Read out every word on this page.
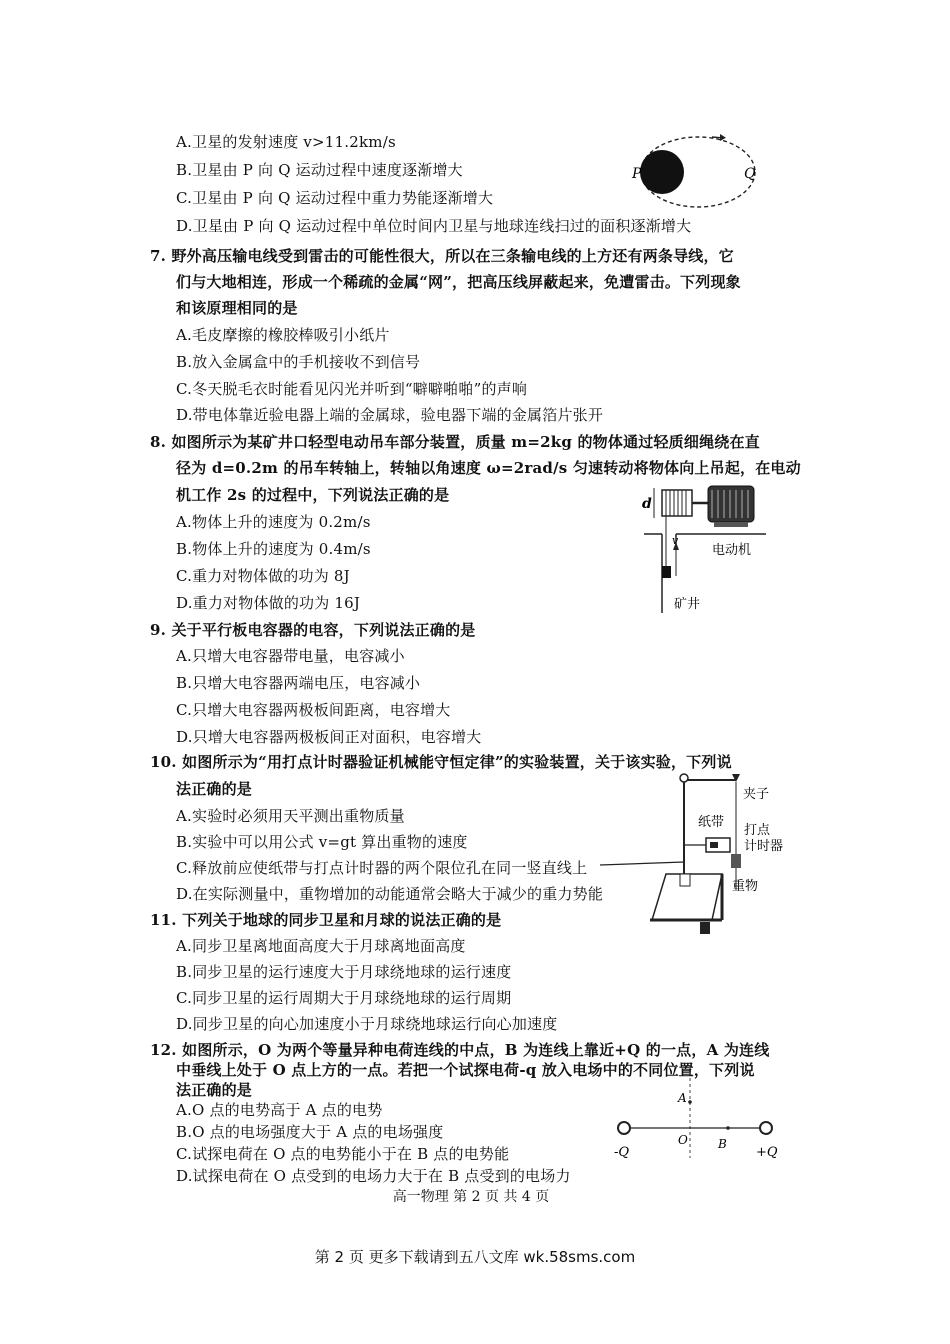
A.卫星的发射速度 v>11.2km/s
B.卫星由 P 向 Q 运动过程中速度逐渐增大
C.卫星由 P 向 Q 运动过程中重力势能逐渐增大
D.卫星由 P 向 Q 运动过程中单位时间内卫星与地球连线扫过的面积逐渐增大
P	Q
7. 野外高压输电线受到雷击的可能性很大，所以在三条输电线的上方还有两条导线，它
们与大地相连，形成一个稀疏的金属“网”，把高压线屏蔽起来，免遭雷击。下列现象
和该原理相同的是
A.毛皮摩擦的橡胶棒吸引小纸片
B.放入金属盒中的手机接收不到信号
C.冬天脱毛衣时能看见闪光并听到“噼噼啪啪”的声响
D.带电体靠近验电器上端的金属球，验电器下端的金属箔片张开
8. 如图所示为某矿井口轻型电动吊车部分装置，质量 m=2kg 的物体通过轻质细绳绕在直
径为 d=0.2m 的吊车转轴上，转轴以角速度 ω=2rad/s 匀速转动将物体向上吊起，在电动
机工作 2s 的过程中，下列说法正确的是
A.物体上升的速度为 0.2m/s
B.物体上升的速度为 0.4m/s
C.重力对物体做的功为 8J
D.重力对物体做的功为 16J
d
v
电动机
矿井
9. 关于平行板电容器的电容，下列说法正确的是
A.只增大电容器带电量，电容减小
B.只增大电容器两端电压，电容减小
C.只增大电容器两极板间距离，电容增大
D.只增大电容器两极板间正对面积，电容增大
10. 如图所示为“用打点计时器验证机械能守恒定律”的实验装置，关于该实验，下列说
法正确的是
A.实验时必须用天平测出重物质量
B.实验中可以用公式 v=gt 算出重物的速度
C.释放前应使纸带与打点计时器的两个限位孔在同一竖直线上
D.在实际测量中，重物增加的动能通常会略大于减少的重力势能
夹子
纸带
打点
计时器
重物
11. 下列关于地球的同步卫星和月球的说法正确的是
A.同步卫星离地面高度大于月球离地面高度
B.同步卫星的运行速度大于月球绕地球的运行速度
C.同步卫星的运行周期大于月球绕地球的运行周期
D.同步卫星的向心加速度小于月球绕地球运行向心加速度
12. 如图所示，O 为两个等量异种电荷连线的中点，B 为连线上靠近+Q 的一点，A 为连线
中垂线上处于 O 点上方的一点。若把一个试探电荷-q 放入电场中的不同位置，下列说
法正确的是
A.O 点的电势高于 A 点的电势
B.O 点的电场强度大于 A 点的电场强度
C.试探电荷在 O 点的电势能小于在 B 点的电势能
D.试探电荷在 O 点受到的电场力大于在 B 点受到的电场力
A
O	B
-Q	+Q
高一物理 第 2 页 共 4 页
第 2 页 更多下载请到五八文库 wk.58sms.com
